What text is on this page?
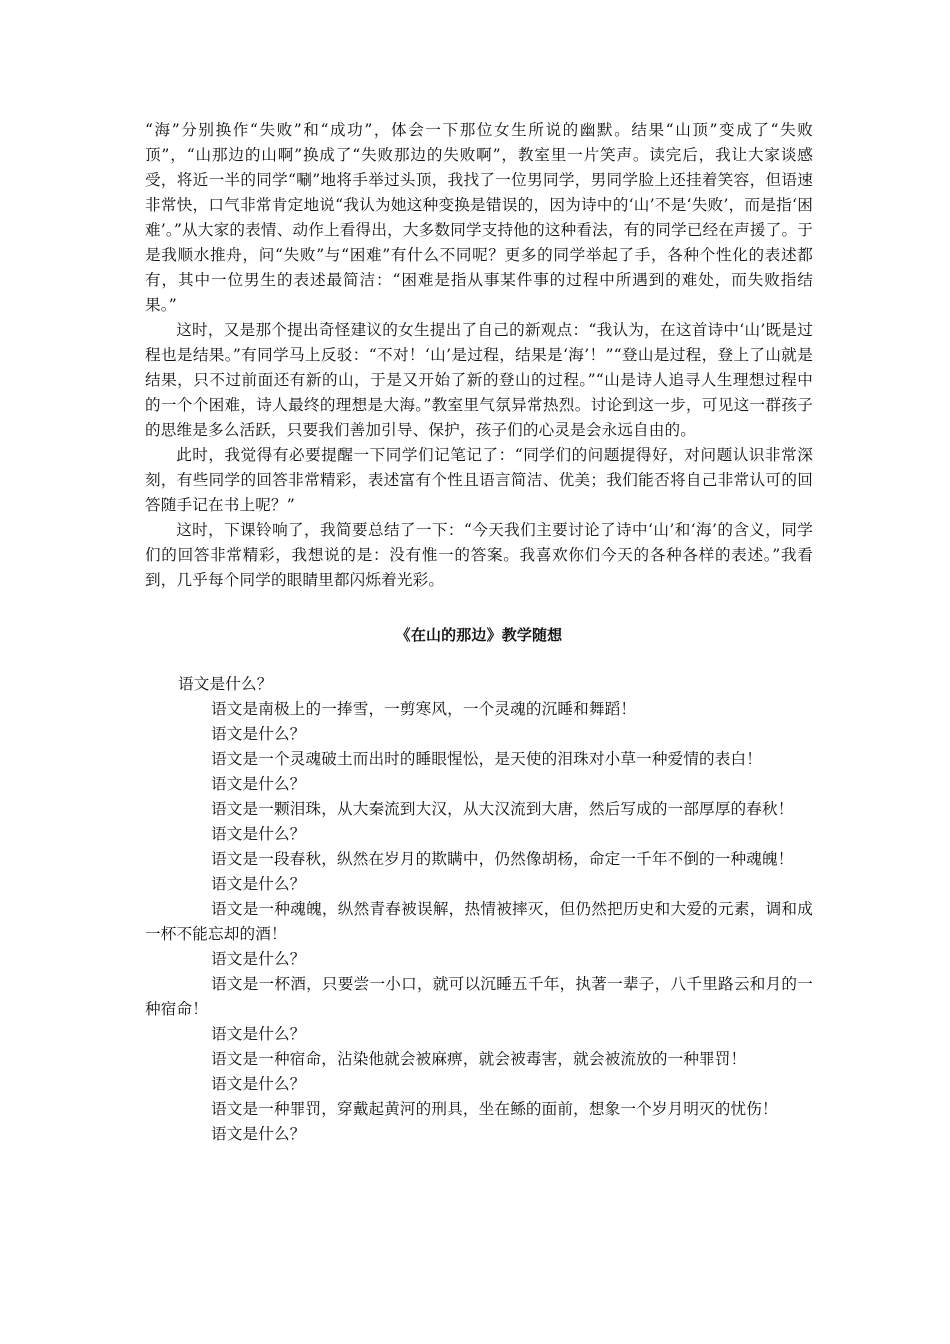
“海”分别换作“失败”和“成功”，体会一下那位女生所说的幽默。结果“山顶”变成了“失败顶”，“山那边的山啊”换成了“失败那边的失败啊”，教室里一片笑声。读完后，我让大家谈感受，将近一半的同学“唰”地将手举过头顶，我找了一位男同学，男同学脸上还挂着笑容，但语速非常快，口气非常肯定地说“我认为她这种变换是错误的，因为诗中的‘山’不是‘失败’，而是指‘困难’。”从大家的表情、动作上看得出，大多数同学支持他的这种看法，有的同学已经在声援了。于是我顺水推舟，问“失败”与“困难”有什么不同呢？更多的同学举起了手，各种个性化的表述都有，其中一位男生的表述最简洁：“困难是指从事某件事的过程中所遇到的难处，而失败指结果。”

这时，又是那个提出奇怪建议的女生提出了自己的新观点：“我认为，在这首诗中‘山’既是过程也是结果。”有同学马上反驳：“不对！‘山’是过程，结果是‘海’！”“登山是过程，登上了山就是结果，只不过前面还有新的山，于是又开始了新的登山的过程。”“山是诗人追寻人生理想过程中的一个个困难，诗人最终的理想是大海。”教室里气氛异常热烈。讨论到这一步，可见这一群孩子的思维是多么活跃，只要我们善加引导、保护，孩子们的心灵是会永远自由的。

此时，我觉得有必要提醒一下同学们记笔记了：“同学们的问题提得好，对问题认识非常深刻，有些同学的回答非常精彩，表述富有个性且语言简洁、优美；我们能否将自己非常认可的回答随手记在书上呢？”

这时，下课铃响了，我简要总结了一下：“今天我们主要讨论了诗中‘山’和‘海’的含义，同学们的回答非常精彩，我想说的是：没有惟一的答案。我喜欢你们今天的各种各样的表述。”我看到，几乎每个同学的眼睛里都闪烁着光彩。

《在山的那边》教学随想

语文是什么？

语文是南极上的一捧雪，一剪寒风，一个灵魂的沉睡和舞蹈！

语文是什么？

语文是一个灵魂破土而出时的睡眼惺忪，是天使的泪珠对小草一种爱情的表白！

语文是什么？

语文是一颗泪珠，从大秦流到大汉，从大汉流到大唐，然后写成的一部厚厚的春秋！

语文是什么？

语文是一段春秋，纵然在岁月的欺瞒中，仍然像胡杨，命定一千年不倒的一种魂魄！

语文是什么？

语文是一种魂魄，纵然青春被误解，热情被摔灭，但仍然把历史和大爱的元素，调和成一杯不能忘却的酒！

语文是什么？

语文是一杯酒，只要尝一小口，就可以沉睡五千年，执著一辈子，八千里路云和月的一种宿命！

语文是什么？

语文是一种宿命，沾染他就会被麻痹，就会被毒害，就会被流放的一种罪罚！

语文是什么？

语文是一种罪罚，穿戴起黄河的刑具，坐在鲧的面前，想象一个岁月明灭的忧伤！

语文是什么？
